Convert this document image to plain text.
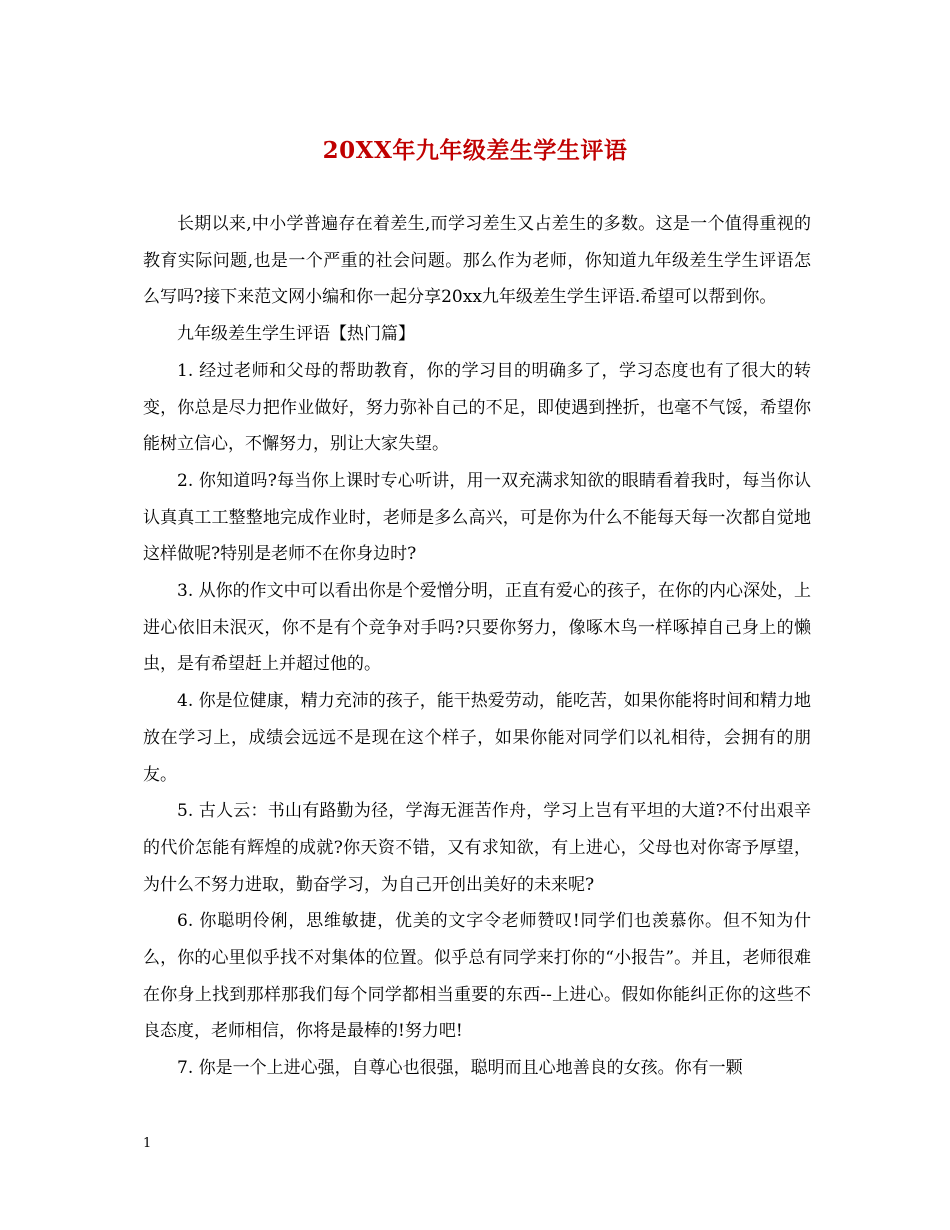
20XX年九年级差生学生评语

长期以来,中小学普遍存在着差生,而学习差生又占差生的多数。这是一个值得重视的教育实际问题,也是一个严重的社会问题。那么作为老师，你知道九年级差生学生评语怎么写吗?接下来范文网小编和你一起分享20xx九年级差生学生评语.希望可以帮到你。

九年级差生学生评语【热门篇】

1. 经过老师和父母的帮助教育，你的学习目的明确多了，学习态度也有了很大的转变，你总是尽力把作业做好，努力弥补自己的不足，即使遇到挫折，也毫不气馁，希望你能树立信心，不懈努力，别让大家失望。

2. 你知道吗?每当你上课时专心听讲，用一双充满求知欲的眼睛看着我时，每当你认认真真工工整整地完成作业时，老师是多么高兴，可是你为什么不能每天每一次都自觉地这样做呢?特别是老师不在你身边时?

3. 从你的作文中可以看出你是个爱憎分明，正直有爱心的孩子，在你的内心深处，上进心依旧未泯灭，你不是有个竞争对手吗?只要你努力，像啄木鸟一样啄掉自己身上的懒虫，是有希望赶上并超过他的。

4. 你是位健康，精力充沛的孩子，能干热爱劳动，能吃苦，如果你能将时间和精力地放在学习上，成绩会远远不是现在这个样子，如果你能对同学们以礼相待，会拥有的朋友。

5. 古人云：书山有路勤为径，学海无涯苦作舟，学习上岂有平坦的大道?不付出艰辛的代价怎能有辉煌的成就?你天资不错，又有求知欲，有上进心，父母也对你寄予厚望，为什么不努力进取，勤奋学习，为自己开创出美好的未来呢?

6. 你聪明伶俐，思维敏捷，优美的文字令老师赞叹!同学们也羡慕你。但不知为什么，你的心里似乎找不对集体的位置。似乎总有同学来打你的“小报告”。并且，老师很难在你身上找到那样那我们每个同学都相当重要的东西--上进心。假如你能纠正你的这些不良态度，老师相信，你将是最棒的!努力吧!

7. 你是一个上进心强，自尊心也很强，聪明而且心地善良的女孩。你有一颗

1
